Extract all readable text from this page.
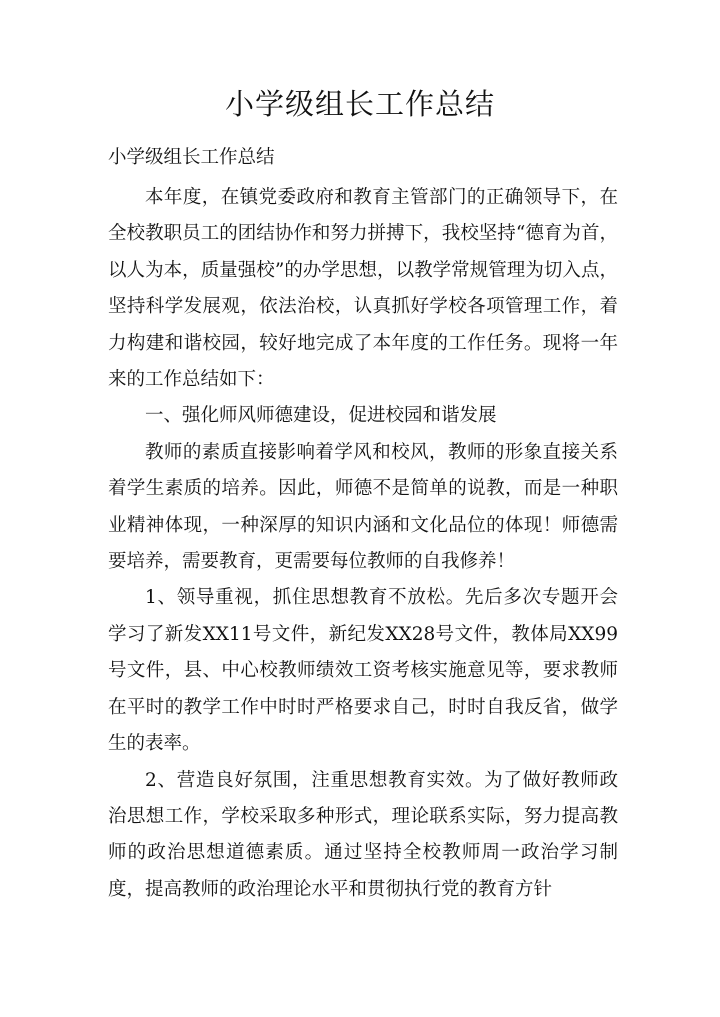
小学级组长工作总结

小学级组长工作总结

本年度，在镇党委政府和教育主管部门的正确领导下，在全校教职员工的团结协作和努力拼搏下，我校坚持“德育为首，以人为本，质量强校”的办学思想，以教学常规管理为切入点，坚持科学发展观，依法治校，认真抓好学校各项管理工作，着力构建和谐校园，较好地完成了本年度的工作任务。现将一年来的工作总结如下：

一、强化师风师德建设，促进校园和谐发展

教师的素质直接影响着学风和校风，教师的形象直接关系着学生素质的培养。因此，师德不是简单的说教，而是一种职业精神体现，一种深厚的知识内涵和文化品位的体现！师德需要培养，需要教育，更需要每位教师的自我修养！

1、领导重视，抓住思想教育不放松。先后多次专题开会学习了新发XX11号文件，新纪发XX28号文件，教体局XX99号文件，县、中心校教师绩效工资考核实施意见等，要求教师在平时的教学工作中时时严格要求自己，时时自我反省，做学生的表率。

2、营造良好氛围，注重思想教育实效。为了做好教师政治思想工作，学校采取多种形式，理论联系实际，努力提高教师的政治思想道德素质。通过坚持全校教师周一政治学习制度，提高教师的政治理论水平和贯彻执行党的教育方针
